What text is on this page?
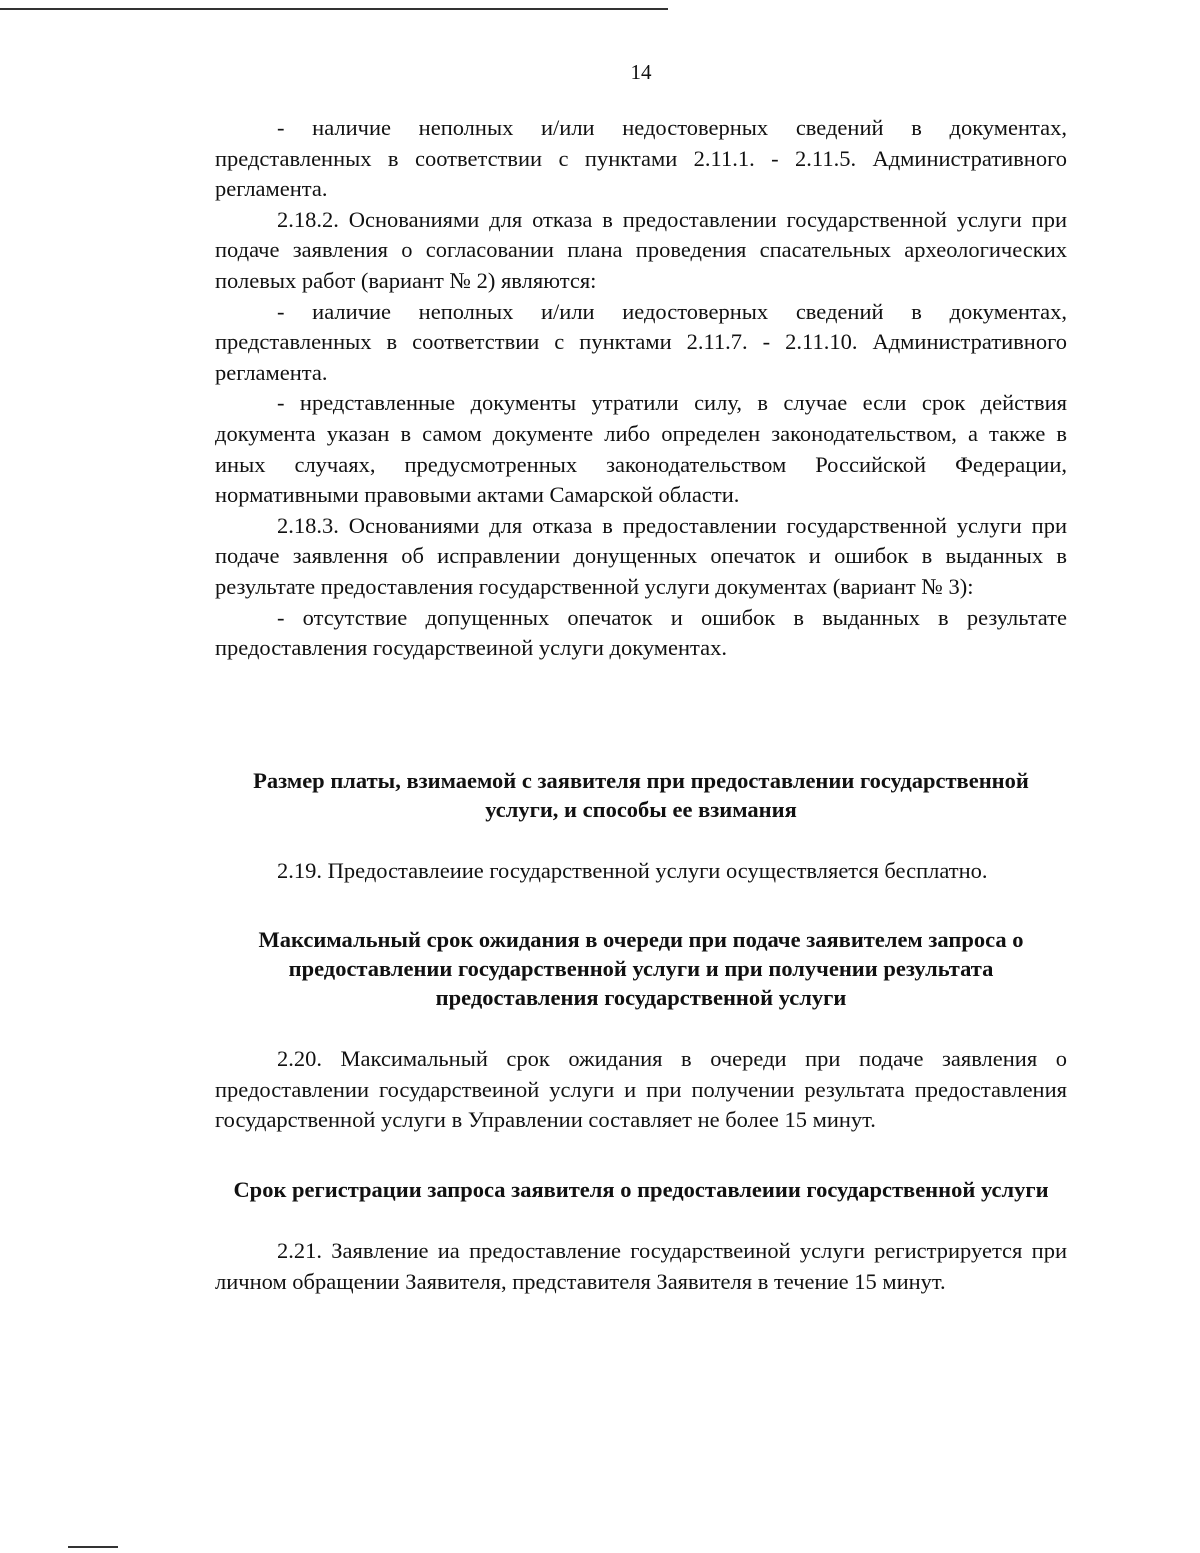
14

- наличие неполных и/или недостоверных сведений в документах, представленных в соответствии с пунктами 2.11.1. - 2.11.5. Административного регламента.

2.18.2. Основаниями для отказа в предоставлении государственной услуги при подаче заявления о согласовании плана проведения спасательных археологических полевых работ (вариант № 2) являются:

- иаличие неполных и/или иедостоверных сведений в документах, представленных в соответствии с пунктами 2.11.7. - 2.11.10. Административного регламента.

- нредставленные документы утратили силу, в случае если срок действия документа указан в самом документе либо определен законодательством, а также в иных случаях, предусмотренных законодательством Российской Федерации, нормативными правовыми актами Самарской области.

2.18.3. Основаниями для отказа в предоставлении государственной услуги при подаче заявлення об исправлении донущенных опечаток и ошибок в выданных в результате предоставления государственной услуги документах (вариант № 3):

- отсутствие допущенных опечаток и ошибок в выданных в результате предоставления государствеиной услуги документах.

Размер платы, взимаемой с заявителя при предоставлении государственной услуги, и способы ее взимания

2.19. Предоставлеиие государственной услуги осуществляется бесплатно.

Максимальный срок ожидания в очереди при подаче заявителем запроса о предоставлении государственной услуги и при получении результата предоставления государственной услуги

2.20. Максимальный срок ожидания в очереди при подаче заявления о предоставлении государствеиной услуги и при получении результата предоставления государственной услуги в Управлении составляет не более 15 минут.

Срок регистрации запроса заявителя о предоставлеиии государственной услуги

2.21. Заявление иа предоставление государствеиной услуги регистрируется при личном обращении Заявителя, представителя Заявителя в течение 15 минут.
